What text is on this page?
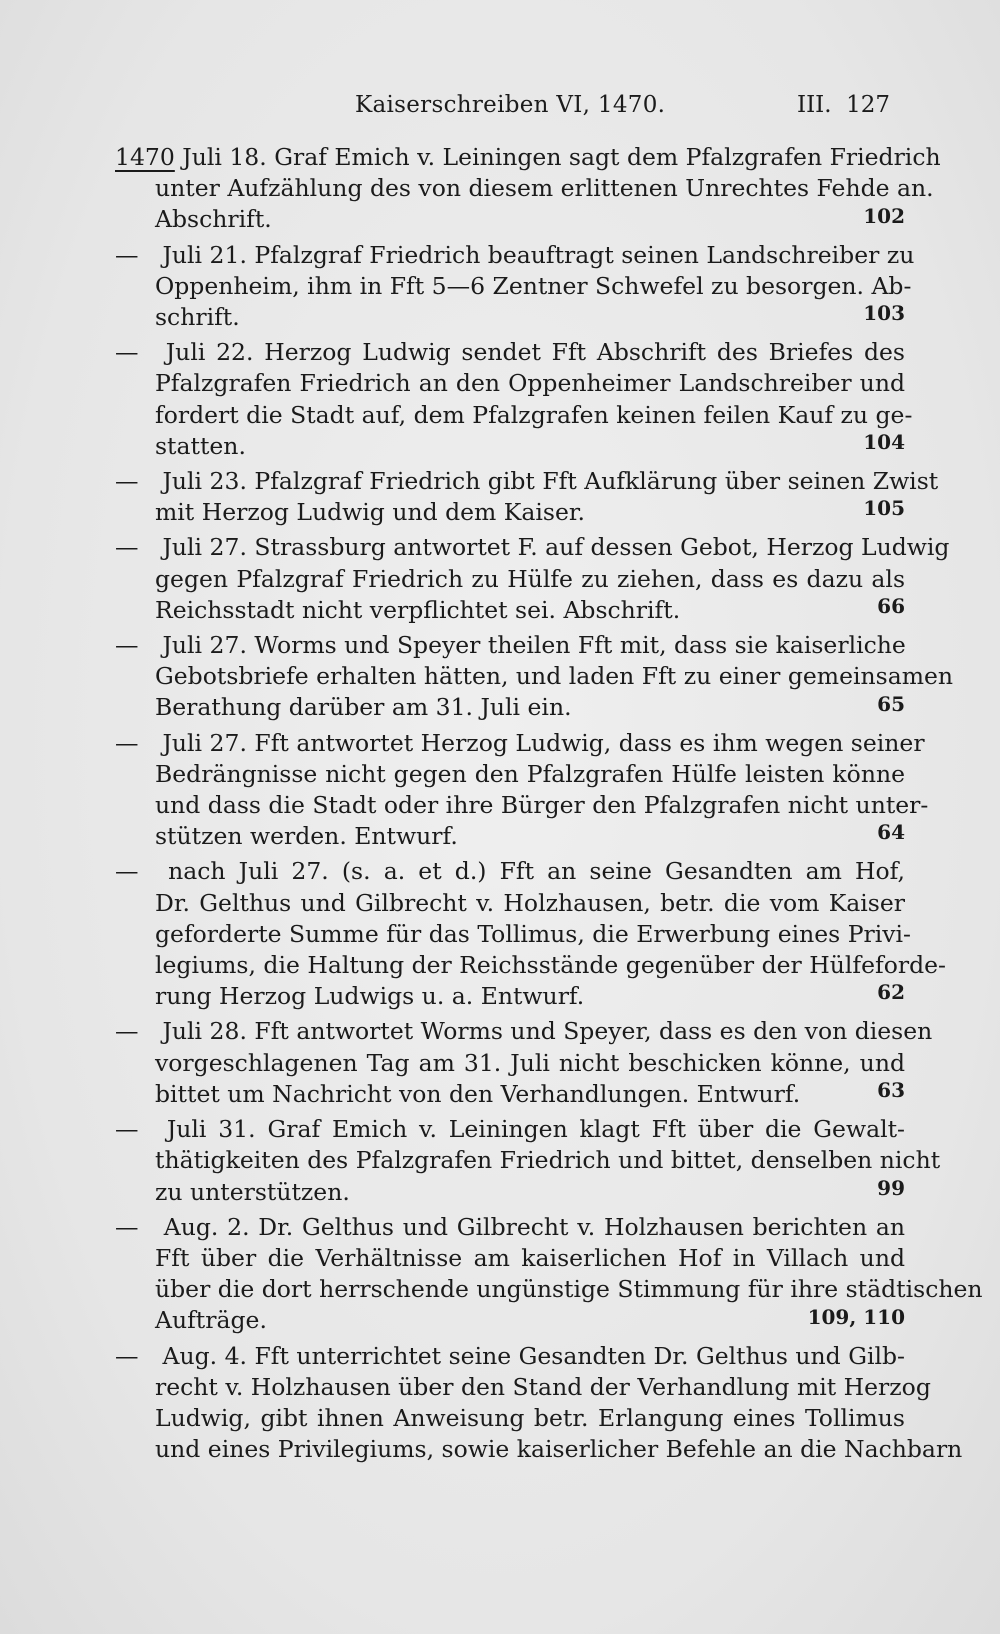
Kaiserschreiben VI, 1470.	III. 127
1470 Juli 18. Graf Emich v. Leiningen sagt dem Pfalzgrafen Friedrich
unter Aufzählung des von diesem erlittenen Unrechtes Fehde an.
Abschrift.	102
— Juli 21. Pfalzgraf Friedrich beauftragt seinen Landschreiber zu
Oppenheim, ihm in Fft 5—6 Zentner Schwefel zu besorgen. Ab-
schrift.	103
— Juli 22. Herzog Ludwig sendet Fft Abschrift des Briefes des
Pfalzgrafen Friedrich an den Oppenheimer Landschreiber und
fordert die Stadt auf, dem Pfalzgrafen keinen feilen Kauf zu ge-
statten.	104
— Juli 23. Pfalzgraf Friedrich gibt Fft Aufklärung über seinen Zwist
mit Herzog Ludwig und dem Kaiser.	105
— Juli 27. Strassburg antwortet F. auf dessen Gebot, Herzog Ludwig
gegen Pfalzgraf Friedrich zu Hülfe zu ziehen, dass es dazu als
Reichsstadt nicht verpflichtet sei. Abschrift.	66
— Juli 27. Worms und Speyer theilen Fft mit, dass sie kaiserliche
Gebotsbriefe erhalten hätten, und laden Fft zu einer gemeinsamen
Berathung darüber am 31. Juli ein.	65
— Juli 27. Fft antwortet Herzog Ludwig, dass es ihm wegen seiner
Bedrängnisse nicht gegen den Pfalzgrafen Hülfe leisten könne
und dass die Stadt oder ihre Bürger den Pfalzgrafen nicht unter-
stützen werden. Entwurf.	64
— nach Juli 27. (s. a. et d.) Fft an seine Gesandten am Hof,
Dr. Gelthus und Gilbrecht v. Holzhausen, betr. die vom Kaiser
geforderte Summe für das Tollimus, die Erwerbung eines Privi-
legiums, die Haltung der Reichsstände gegenüber der Hülfeforde-
rung Herzog Ludwigs u. a. Entwurf.	62
— Juli 28. Fft antwortet Worms und Speyer, dass es den von diesen
vorgeschlagenen Tag am 31. Juli nicht beschicken könne, und
bittet um Nachricht von den Verhandlungen. Entwurf.	63
— Juli 31. Graf Emich v. Leiningen klagt Fft über die Gewalt-
thätigkeiten des Pfalzgrafen Friedrich und bittet, denselben nicht
zu unterstützen.	99
— Aug. 2. Dr. Gelthus und Gilbrecht v. Holzhausen berichten an
Fft über die Verhältnisse am kaiserlichen Hof in Villach und
über die dort herrschende ungünstige Stimmung für ihre städtischen
Aufträge.	109, 110
— Aug. 4. Fft unterrichtet seine Gesandten Dr. Gelthus und Gilb-
recht v. Holzhausen über den Stand der Verhandlung mit Herzog
Ludwig, gibt ihnen Anweisung betr. Erlangung eines Tollimus
und eines Privilegiums, sowie kaiserlicher Befehle an die Nachbarn
